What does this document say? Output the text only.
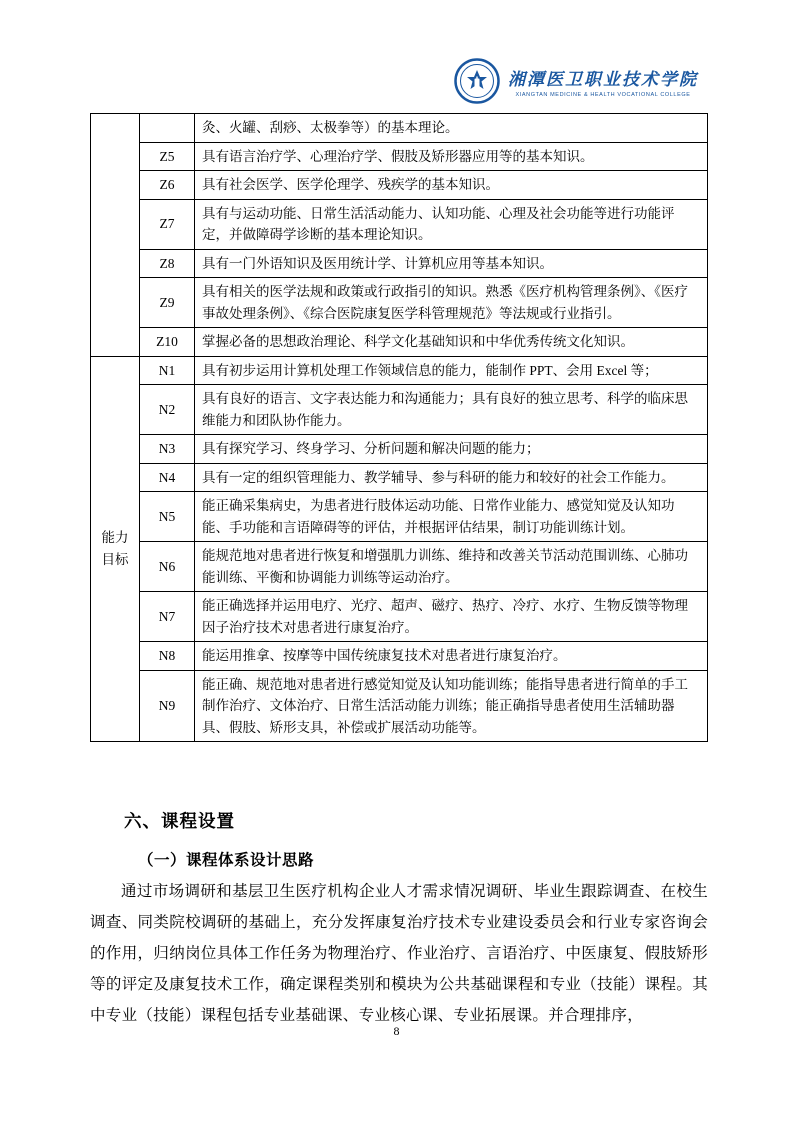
湘潭医卫职业技术学院
XIANGTAN MEDICINE & HEALTH VOCATIONAL COLLEGE
		灸、火罐、刮痧、太极拳等）的基本理论。
	Z5	具有语言治疗学、心理治疗学、假肢及矫形器应用等的基本知识。
	Z6	具有社会医学、医学伦理学、残疾学的基本知识。
	Z7	具有与运动功能、日常生活活动能力、认知功能、心理及社会功能等进行功能评定，并做障碍学诊断的基本理论知识。
	Z8	具有一门外语知识及医用统计学、计算机应用等基本知识。
	Z9	具有相关的医学法规和政策或行政指引的知识。熟悉《医疗机构管理条例》、《医疗事故处理条例》、《综合医院康复医学科管理规范》等法规或行业指引。
	Z10	掌握必备的思想政治理论、科学文化基础知识和中华优秀传统文化知识。
能力目标	N1	具有初步运用计算机处理工作领域信息的能力，能制作 PPT、会用 Excel 等；
	N2	具有良好的语言、文字表达能力和沟通能力；具有良好的独立思考、科学的临床思维能力和团队协作能力。
	N3	具有探究学习、终身学习、分析问题和解决问题的能力；
	N4	具有一定的组织管理能力、教学辅导、参与科研的能力和较好的社会工作能力。
	N5	能正确采集病史，为患者进行肢体运动功能、日常作业能力、感觉知觉及认知功能、手功能和言语障碍等的评估，并根据评估结果，制订功能训练计划。
	N6	能规范地对患者进行恢复和增强肌力训练、维持和改善关节活动范围训练、心肺功能训练、平衡和协调能力训练等运动治疗。
	N7	能正确选择并运用电疗、光疗、超声、磁疗、热疗、冷疗、水疗、生物反馈等物理因子治疗技术对患者进行康复治疗。
	N8	能运用推拿、按摩等中国传统康复技术对患者进行康复治疗。
	N9	能正确、规范地对患者进行感觉知觉及认知功能训练；能指导患者进行简单的手工制作治疗、文体治疗、日常生活活动能力训练；能正确指导患者使用生活辅助器具、假肢、矫形支具，补偿或扩展活动功能等。
六、课程设置
（一）课程体系设计思路
通过市场调研和基层卫生医疗机构企业人才需求情况调研、毕业生跟踪调查、在校生调查、同类院校调研的基础上，充分发挥康复治疗技术专业建设委员会和行业专家咨询会的作用，归纳岗位具体工作任务为物理治疗、作业治疗、言语治疗、中医康复、假肢矫形等的评定及康复技术工作，确定课程类别和模块为公共基础课程和专业（技能）课程。其中专业（技能）课程包括专业基础课、专业核心课、专业拓展课。并合理排序，
8
